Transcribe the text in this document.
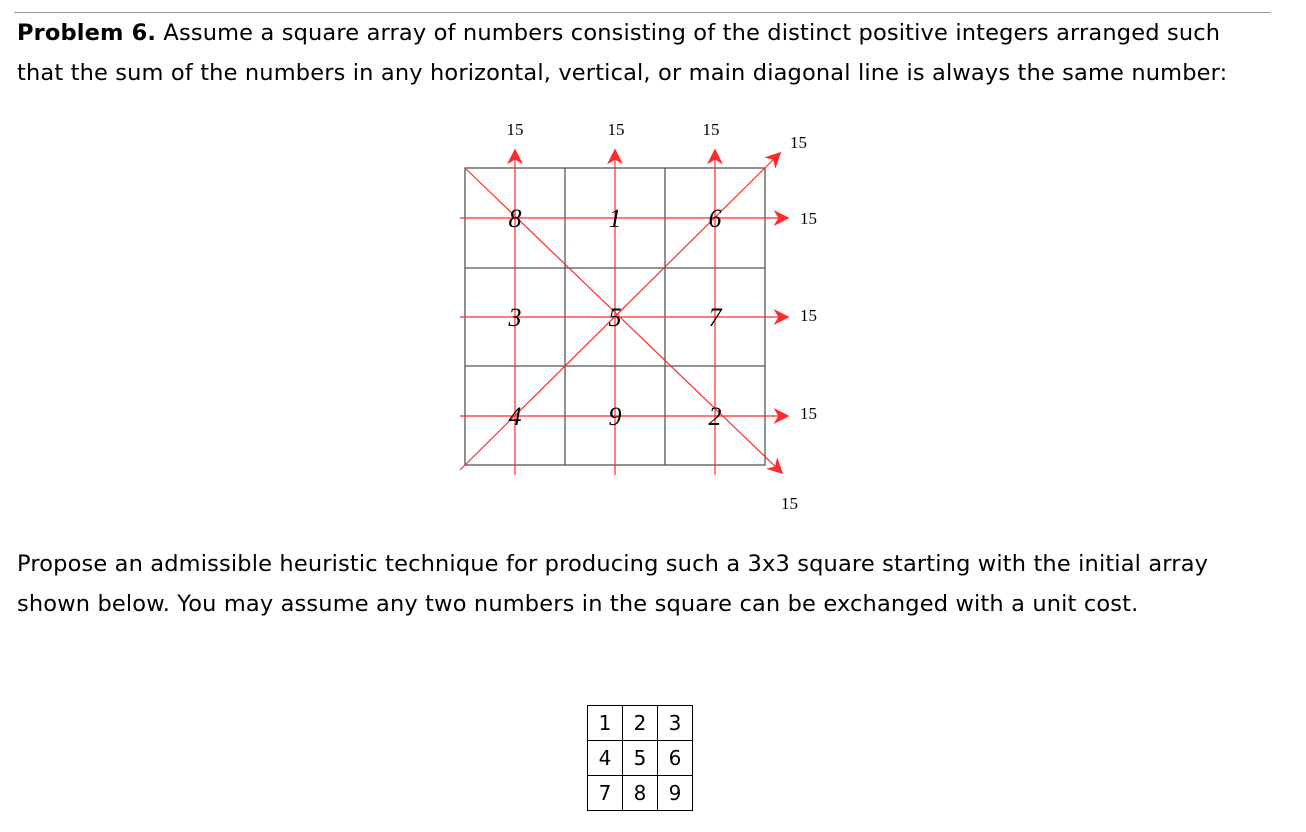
Problem 6. Assume a square array of numbers consisting of the distinct positive integers arranged such
that the sum of the numbers in any horizontal, vertical, or main diagonal line is always the same number:
8	1	6
3	5	7
4	9	2
15	15	15
15
15
15
15
15
Propose an admissible heuristic technique for producing such a 3x3 square starting with the initial array
shown below. You may assume any two numbers in the square can be exchanged with a unit cost.
1	2	3
4	5	6
7	8	9
